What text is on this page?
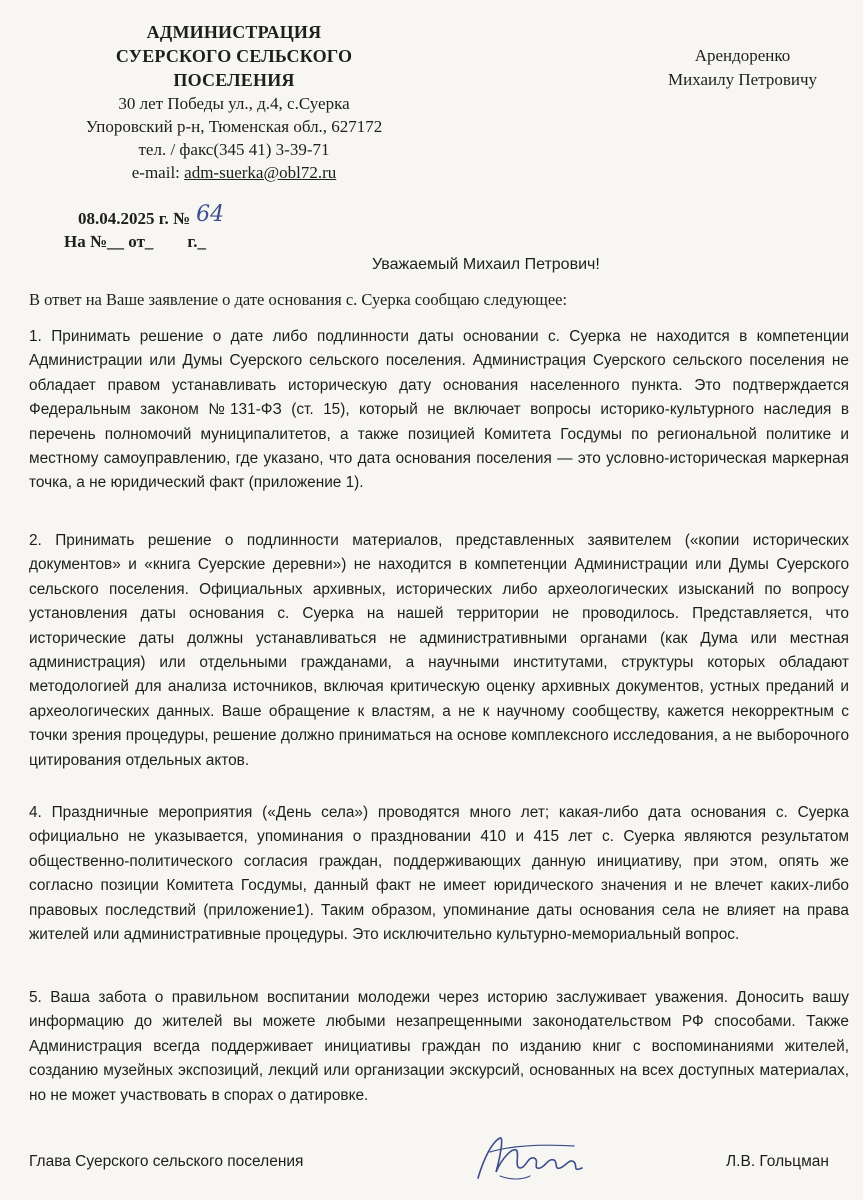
АДМИНИСТРАЦИЯ
СУЕРСКОГО СЕЛЬСКОГО
ПОСЕЛЕНИЯ
30 лет Победы ул., д.4, с.Суерка
Упоровский р-н, Тюменская обл., 627172
тел. / факс(345 41) 3-39-71
e-mail: adm-suerka@obl72.ru
Арендоренко
Михаилу Петровичу
08.04.2025 г. № 64
На №__ от_        г._
Уважаемый Михаил Петрович!
В ответ на Ваше заявление о дате основания с. Суерка сообщаю следующее:

1. Принимать решение о дате либо подлинности даты основании с. Суерка не находится в компетенции Администрации или Думы Суерского сельского поселения. Администрация Суерского сельского поселения не обладает правом устанавливать историческую дату основания населенного пункта. Это подтверждается Федеральным законом №131-ФЗ (ст. 15), который не включает вопросы историко-культурного наследия в перечень полномочий муниципалитетов, а также позицией Комитета Госдумы по региональной политике и местному самоуправлению, где указано, что дата основания поселения — это условно-историческая маркерная точка, а не юридический факт (приложение 1).

2. Принимать решение о подлинности материалов, представленных заявителем («копии исторических документов» и «книга Суерские деревни») не находится в компетенции Администрации или Думы Суерского сельского поселения. Официальных архивных, исторических либо археологических изысканий по вопросу установления даты основания с. Суерка на нашей территории не проводилось. Представляется, что исторические даты должны устанавливаться не административными органами (как Дума или местная администрация) или отдельными гражданами, а научными институтами, структуры которых обладают методологией для анализа источников, включая критическую оценку архивных документов, устных преданий и археологических данных. Ваше обращение к властям, а не к научному сообществу, кажется некорректным с точки зрения процедуры, решение должно приниматься на основе комплексного исследования, а не выборочного цитирования отдельных актов.

4. Праздничные мероприятия («День села») проводятся много лет; какая-либо дата основания с. Суерка официально не указывается, упоминания о праздновании 410 и 415 лет с. Суерка являются результатом общественно-политического согласия граждан, поддерживающих данную инициативу, при этом, опять же согласно позиции Комитета Госдумы, данный факт не имеет юридического значения и не влечет каких-либо правовых последствий (приложение1). Таким образом, упоминание даты основания села не влияет на права жителей или административные процедуры. Это исключительно культурно-мемориальный вопрос.

5. Ваша забота о правильном воспитании молодежи через историю заслуживает уважения. Доносить вашу информацию до жителей вы можете любыми незапрещенными законодательством РФ способами. Также Администрация всегда поддерживает инициативы граждан по изданию книг с воспоминаниями жителей, созданию музейных экспозиций, лекций или организации экскурсий, основанных на всех доступных материалах, но не может участвовать в спорах о датировке.

Глава Суерского сельского поселения	Л.В. Гольцман
